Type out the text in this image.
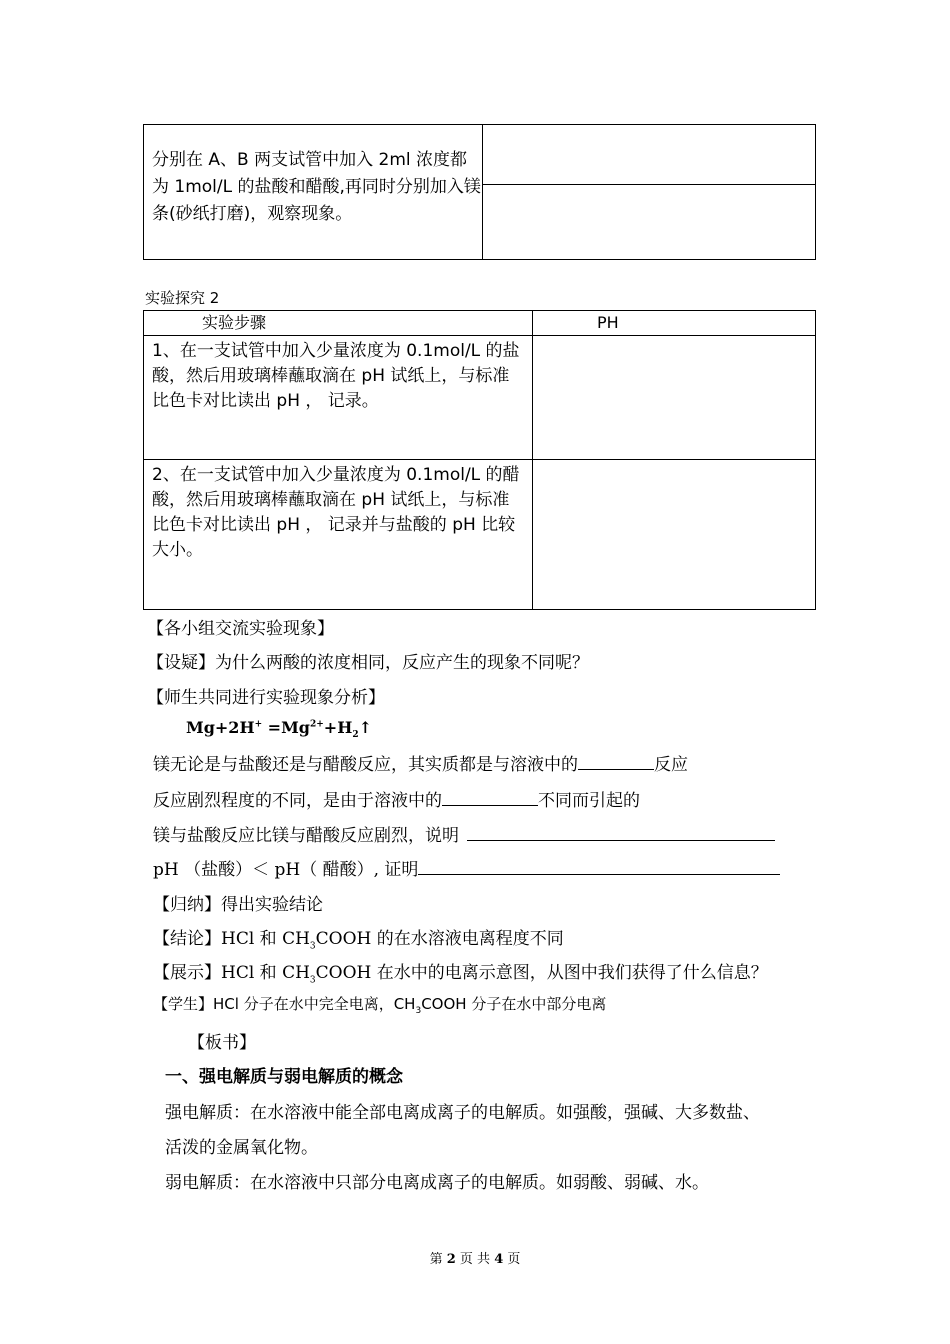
分别在 A、B 两支试管中加入 2ml 浓度都为 1mol/L 的盐酸和醋酸,再同时分别加入镁条(砂纸打磨)，观察现象。	

实验探究 2
实验步骤	PH
1、在一支试管中加入少量浓度为 0.1mol/L 的盐酸，然后用玻璃棒蘸取滴在 pH 试纸上，与标准比色卡对比读出 pH ， 记录。	
2、在一支试管中加入少量浓度为 0.1mol/L 的醋酸，然后用玻璃棒蘸取滴在 pH 试纸上，与标准比色卡对比读出 pH ， 记录并与盐酸的 pH 比较大小。	
【各小组交流实验现象】
【设疑】为什么两酸的浓度相同，反应产生的现象不同呢？
【师生共同进行实验现象分析】
$Mg+2H^+ =Mg^{2+}+H_2↑$
镁无论是与盐酸还是与醋酸反应，其实质都是与溶液中的	反应
反应剧烈程度的不同，是由于溶液中的	不同而引起的
镁与盐酸反应比镁与醋酸反应剧烈，说明
pH （盐酸）＜ pH（ 醋酸）, 证明
【归纳】得出实验结论
【结论】HCl 和 $CH_3COOH$ 的在水溶液电离程度不同
【展示】HCl 和 $CH_3COOH$ 在水中的电离示意图，从图中我们获得了什么信息？
【学生】HCl 分子在水中完全电离，$CH_3COOH$ 分子在水中部分电离
【板书】
一、强电解质与弱电解质的概念
强电解质：在水溶液中能全部电离成离子的电解质。如强酸，强碱、大多数盐、
活泼的金属氧化物。
弱电解质：在水溶液中只部分电离成离子的电解质。如弱酸、弱碱、水。
第 2 页 共 4 页
